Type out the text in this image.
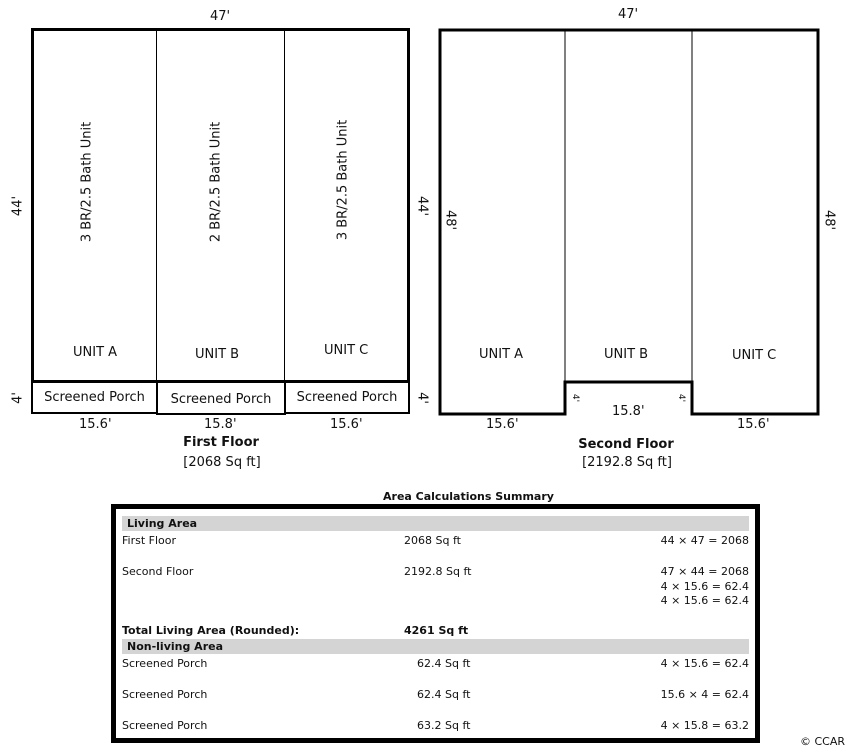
47'
44'	44'
4'	4'
3 BR/2.5 Bath Unit	2 BR/2.5 Bath Unit	3 BR/2.5 Bath Unit
UNIT A	UNIT B	UNIT C
Screened Porch	Screened Porch	Screened Porch
15.6'	15.8'	15.6'
First Floor
[2068 Sq ft]
47'
48'	48'
UNIT A	UNIT B	UNIT C
4'	4'
15.6'
15.8'
15.6'
Second Floor
[2192.8 Sq ft]
Area Calculations Summary
Living Area
First Floor	2068 Sq ft	44 × 47 = 2068
Second Floor	2192.8 Sq ft	47 × 44 = 2068
4 × 15.6 = 62.4
4 × 15.6 = 62.4
Total Living Area (Rounded):	4261 Sq ft
Non-living Area
Screened Porch	62.4 Sq ft	4 × 15.6 = 62.4
Screened Porch	62.4 Sq ft	15.6 × 4 = 62.4
Screened Porch	63.2 Sq ft	4 × 15.8 = 63.2
© CCAR
